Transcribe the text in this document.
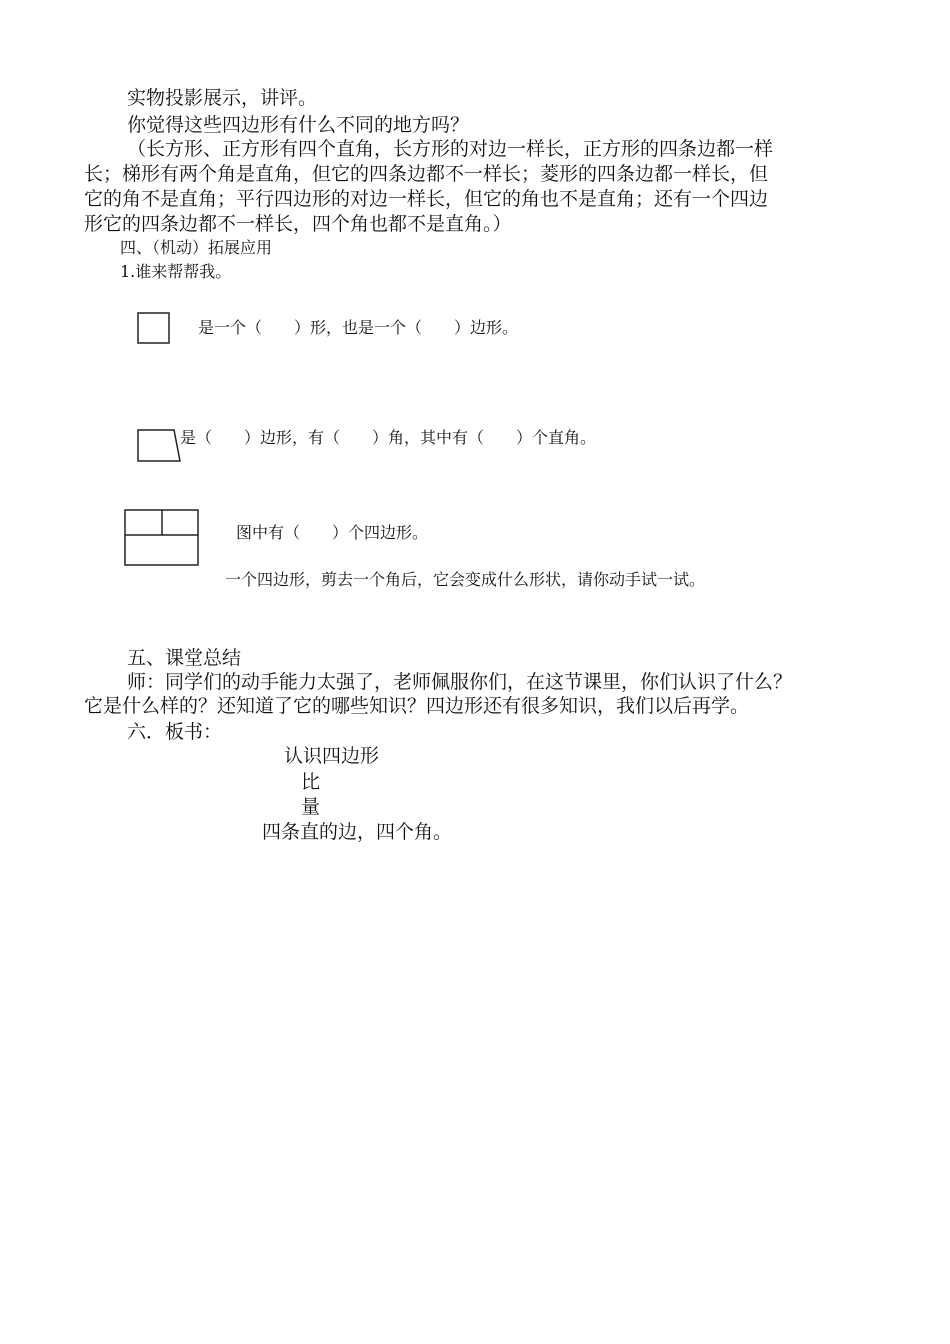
实物投影展示，讲评。
你觉得这些四边形有什么不同的地方吗？
（长方形、正方形有四个直角，长方形的对边一样长，正方形的四条边都一样
长；梯形有两个角是直角，但它的四条边都不一样长；菱形的四条边都一样长，但
它的角不是直角；平行四边形的对边一样长，但它的角也不是直角；还有一个四边
形它的四条边都不一样长，四个角也都不是直角。）
四、（机动）拓展应用
1.谁来帮帮我。
是一个（　　）形，也是一个（　　）边形。
是（　　）边形，有（　　）角，其中有（　　）个直角。
图中有（　　）个四边形。
一个四边形，剪去一个角后，它会变成什么形状，请你动手试一试。
五、课堂总结
师：同学们的动手能力太强了，老师佩服你们，在这节课里，你们认识了什么？
它是什么样的？还知道了它的哪些知识？四边形还有很多知识，我们以后再学。
六．板书：
认识四边形
比
量
四条直的边，四个角。
